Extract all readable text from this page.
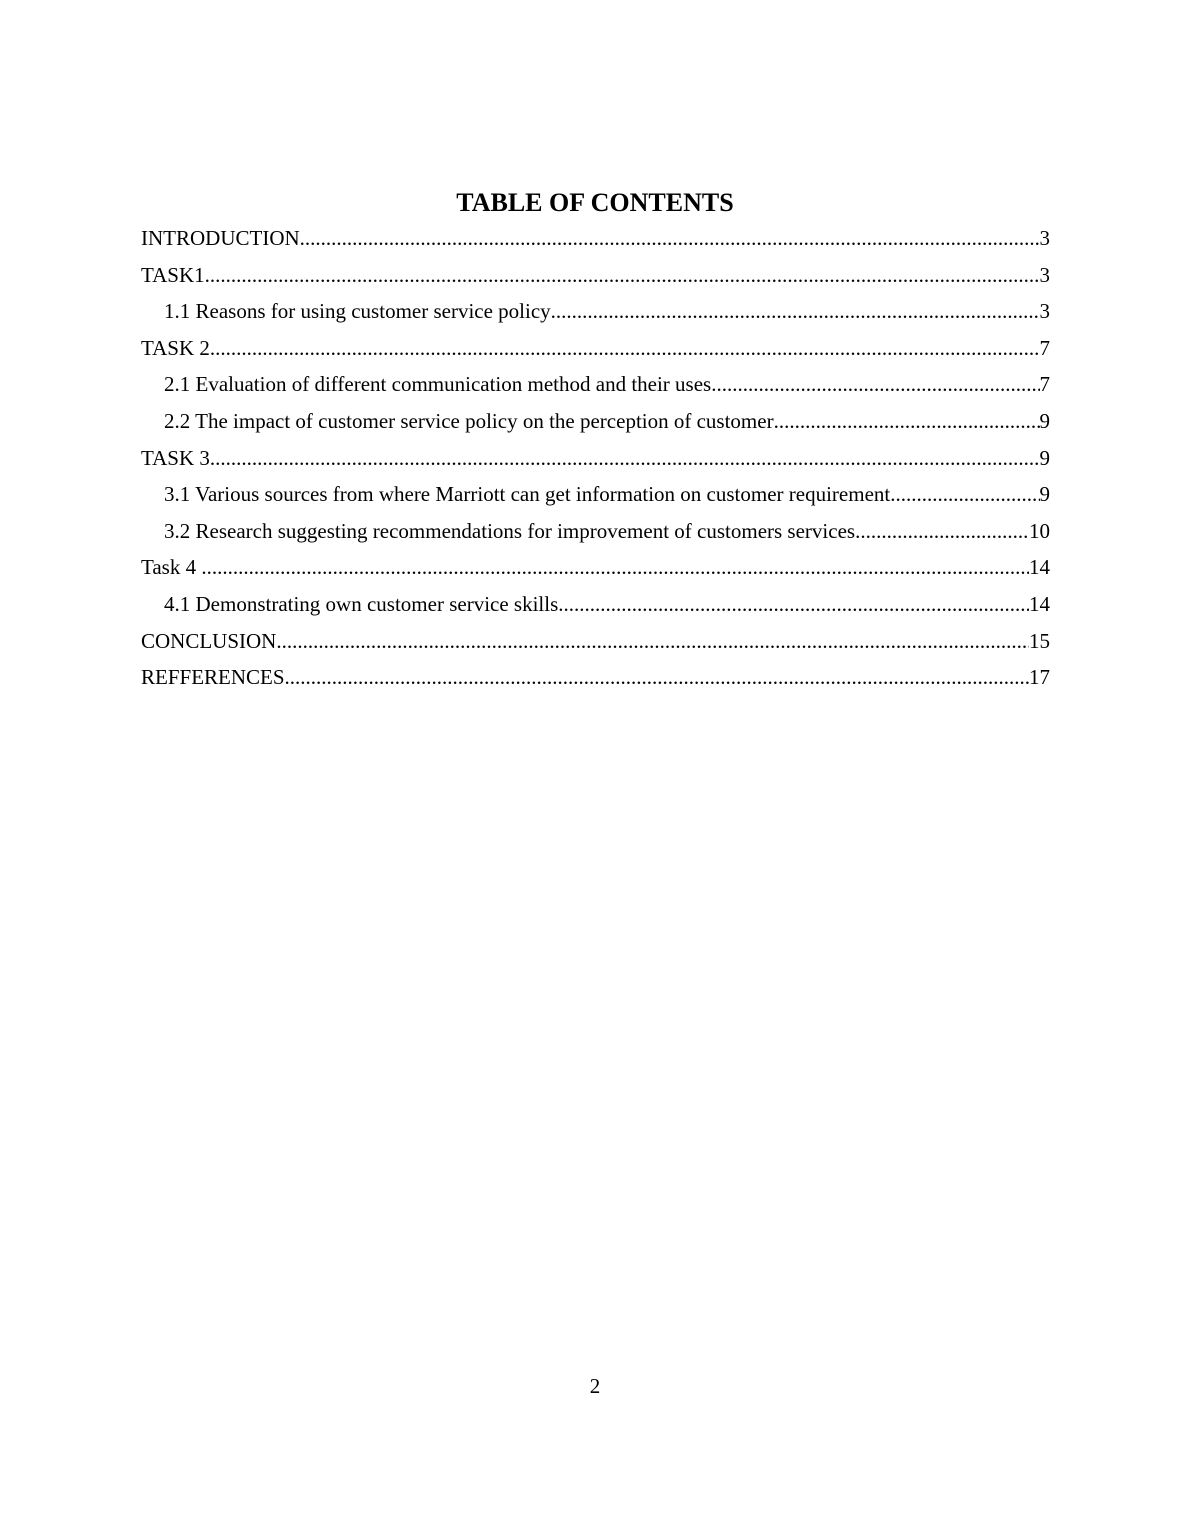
TABLE OF CONTENTS
INTRODUCTION .....	3
TASK1 .....	3
1.1 Reasons for using customer service policy .....	3
TASK 2 .....	7
2.1 Evaluation of different communication method and their uses .....	7
2.2 The impact of customer service policy on the perception of customer .....	9
TASK 3 .....	9
3.1 Various sources from where Marriott can get information on customer requirement .....	9
3.2 Research suggesting recommendations for improvement of customers services .....	10
Task 4 .....	14
4.1 Demonstrating own customer service skills .....	14
CONCLUSION .....	15
REFFERENCES .....	17
2
